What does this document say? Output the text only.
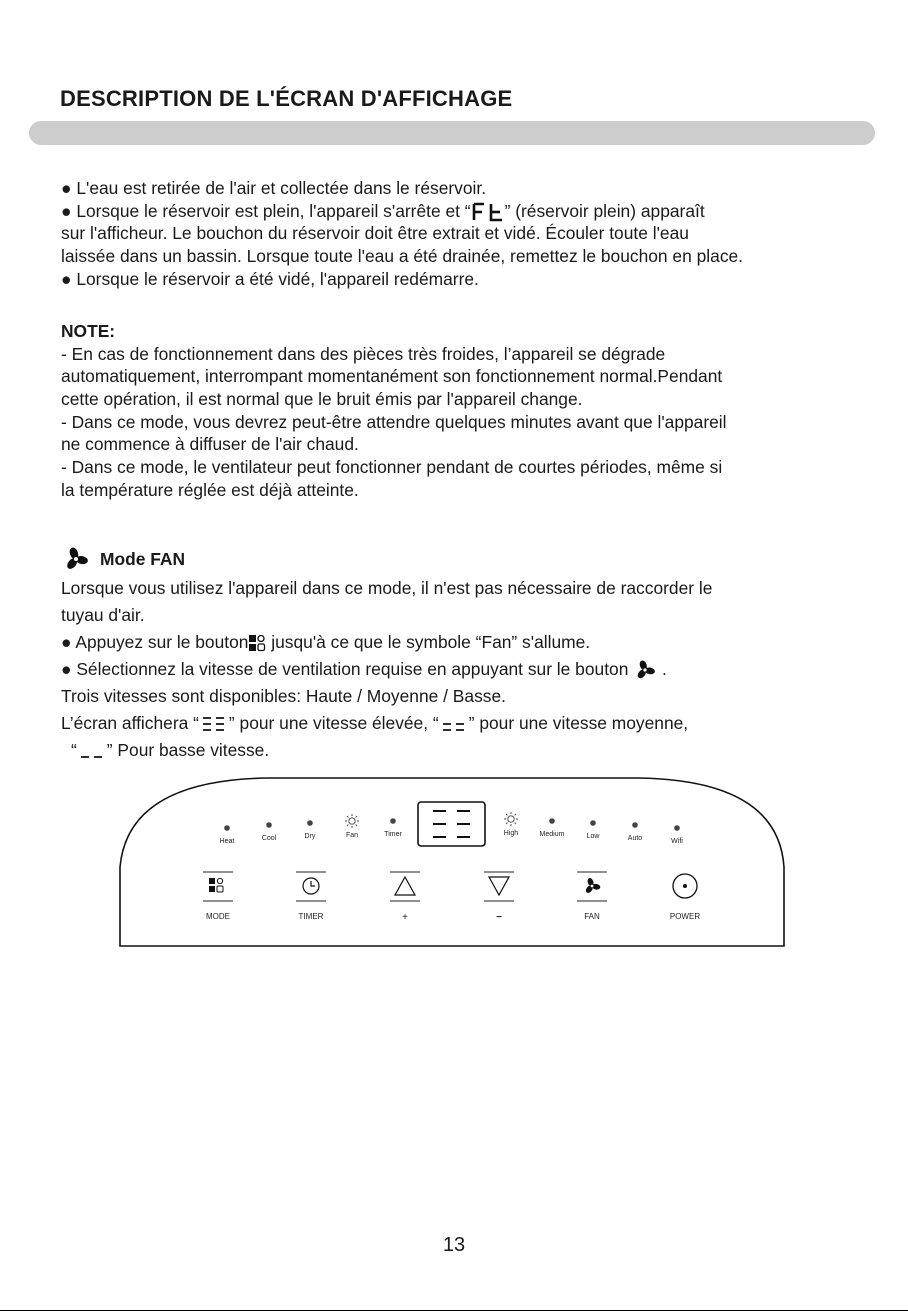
DESCRIPTION DE L'ÉCRAN D'AFFICHAGE
● L'eau est retirée de l'air et collectée dans le réservoir.
● Lorsque le réservoir est plein, l'appareil s'arrête et “ ” (réservoir plein) apparaît
sur l'afficheur. Le bouchon du réservoir doit être extrait et vidé. Écouler toute l'eau
laissée dans un bassin. Lorsque toute l'eau a été drainée, remettez le bouchon en place.
● Lorsque le réservoir a été vidé, l'appareil redémarre.
NOTE:
- En cas de fonctionnement dans des pièces très froides, l’appareil se dégrade
automatiquement, interrompant momentanément son fonctionnement normal.Pendant
cette opération, il est normal que le bruit émis par l'appareil change.
- Dans ce mode, vous devrez peut-être attendre quelques minutes avant que l'appareil
ne commence à diffuser de l'air chaud.
- Dans ce mode, le ventilateur peut fonctionner pendant de courtes périodes, même si
la température réglée est déjà atteinte.
Mode FAN
Lorsque vous utilisez l'appareil dans ce mode, il n'est pas nécessaire de raccorder le
tuyau d'air.
● Appuyez sur le bouton jusqu'à ce que le symbole “Fan” s'allume.
● Sélectionnez la vitesse de ventilation requise en appuyant sur le bouton  .
Trois vitesses sont disponibles: Haute / Moyenne / Basse.
L’écran affichera “ ” pour une vitesse élevée, “ ” pour une vitesse moyenne,
“ ” Pour basse vitesse.
Heat	Cool	Dry	Fan	Timer	High	Medium	Low	Auto	Wifi
MODE	TIMER	+	−	FAN	POWER
13
